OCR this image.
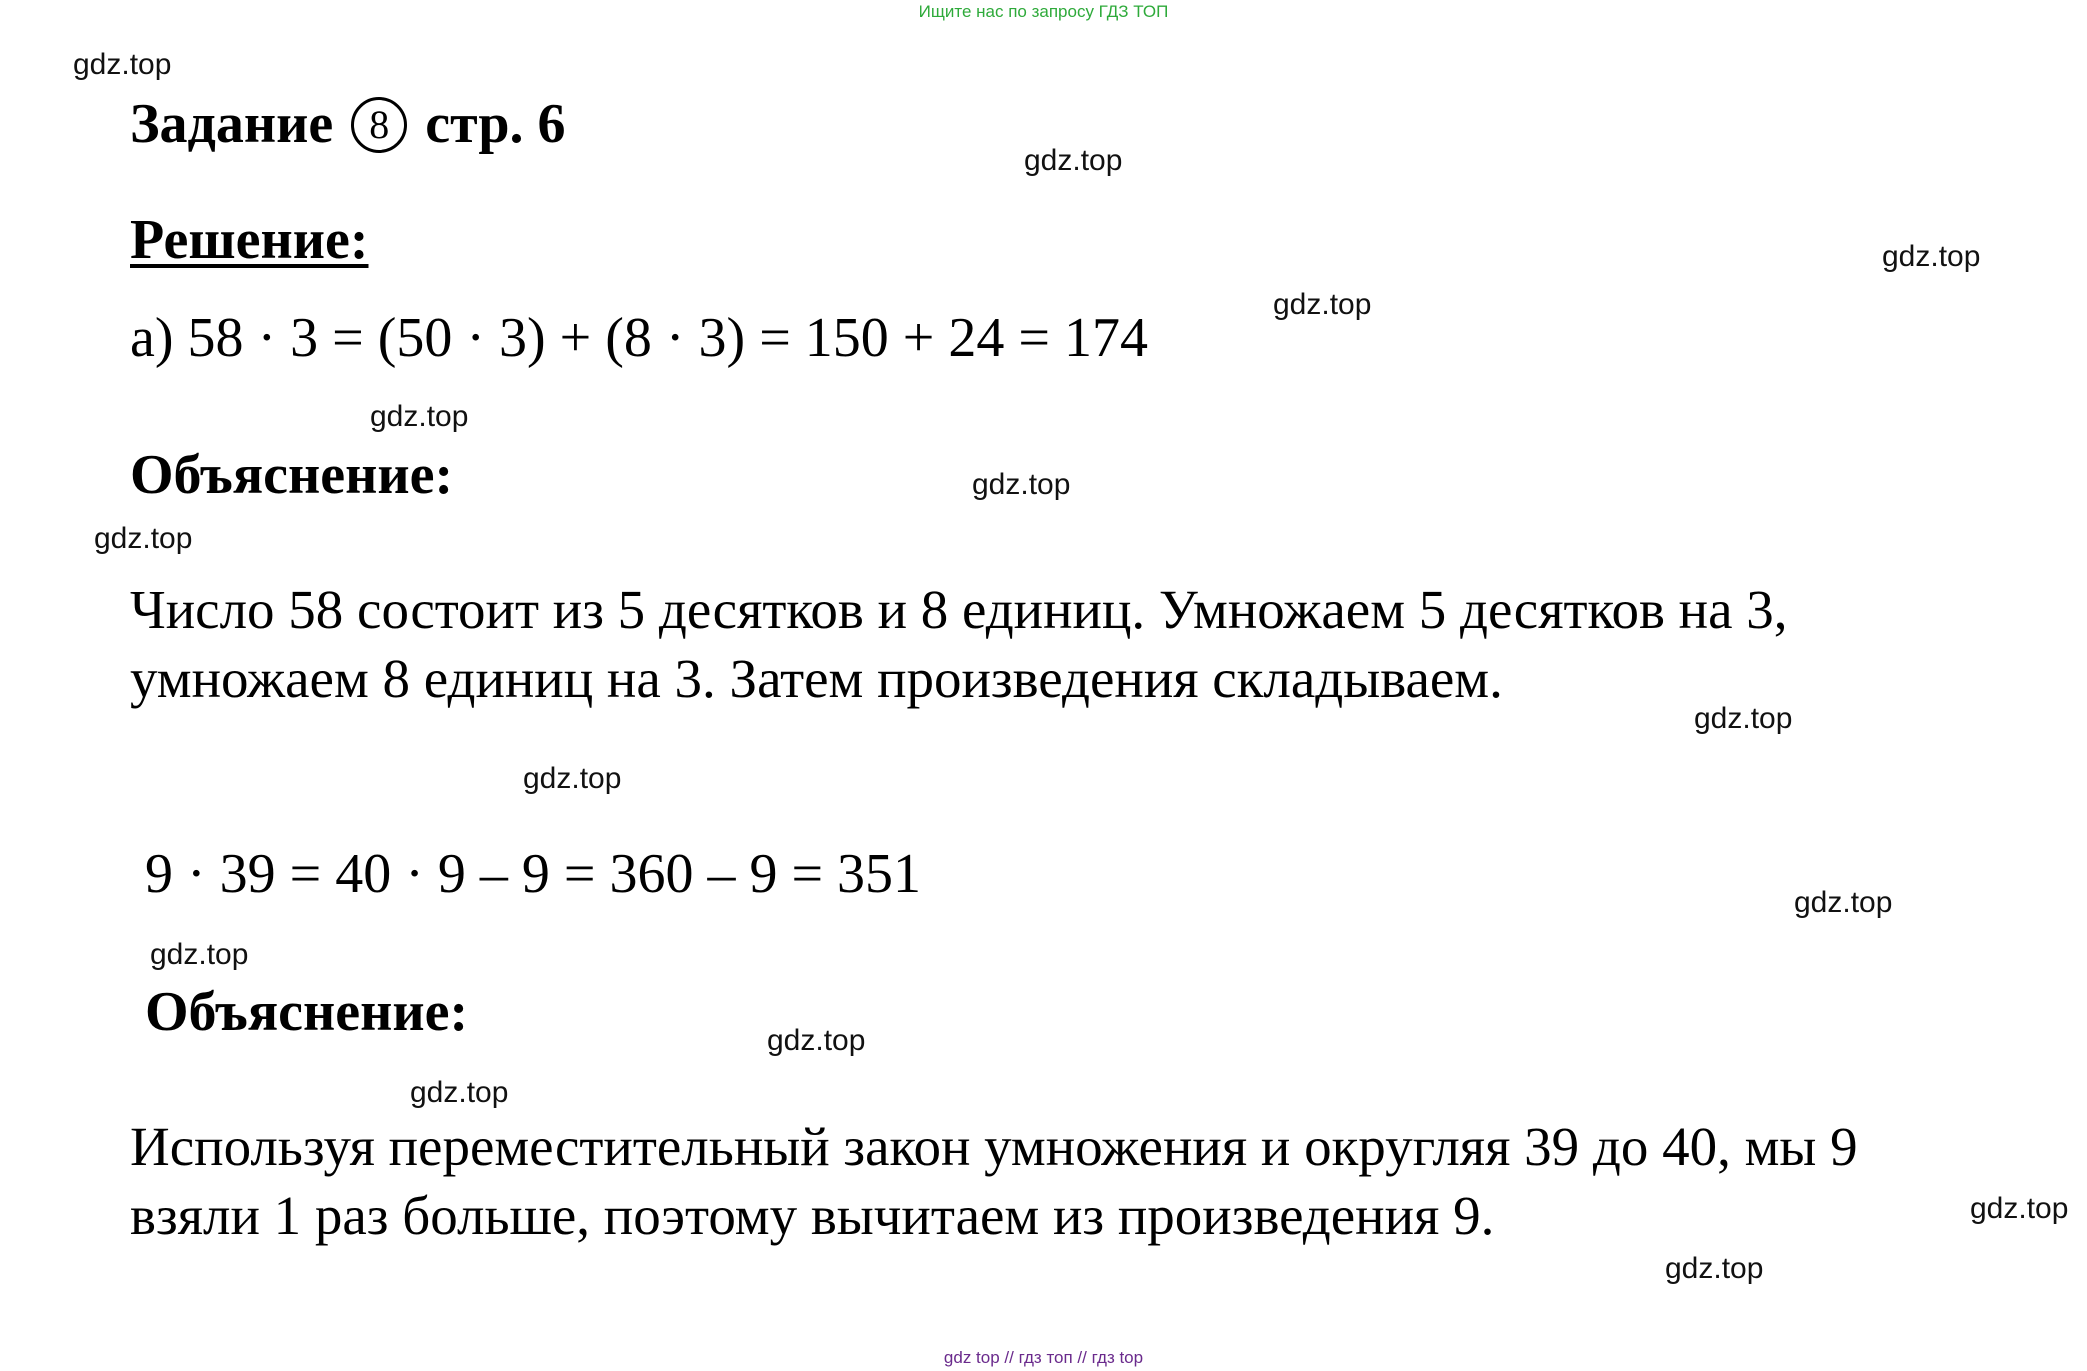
Ищите нас по запросу ГДЗ ТОП
gdz.top
gdz.top
gdz.top
gdz.top
gdz.top
gdz.top
gdz.top
gdz.top
gdz.top
gdz.top
gdz.top
gdz.top
gdz.top
gdz.top
gdz.top
Задание 8 стр. 6
Решение:
а) 58 · 3 = (50 · 3) + (8 · 3) = 150 + 24 = 174
Объяснение:
Число 58 состоит из 5 десятков и 8 единиц. Умножаем 5 десятков на 3,
умножаем 8 единиц на 3. Затем произведения складываем.
9 · 39 = 40 · 9 – 9 = 360 – 9 = 351
Объяснение:
Используя переместительный закон умножения и округляя 39 до 40, мы 9
взяли 1 раз больше, поэтому вычитаем из произведения 9.
gdz top // гдз топ // гдз top
